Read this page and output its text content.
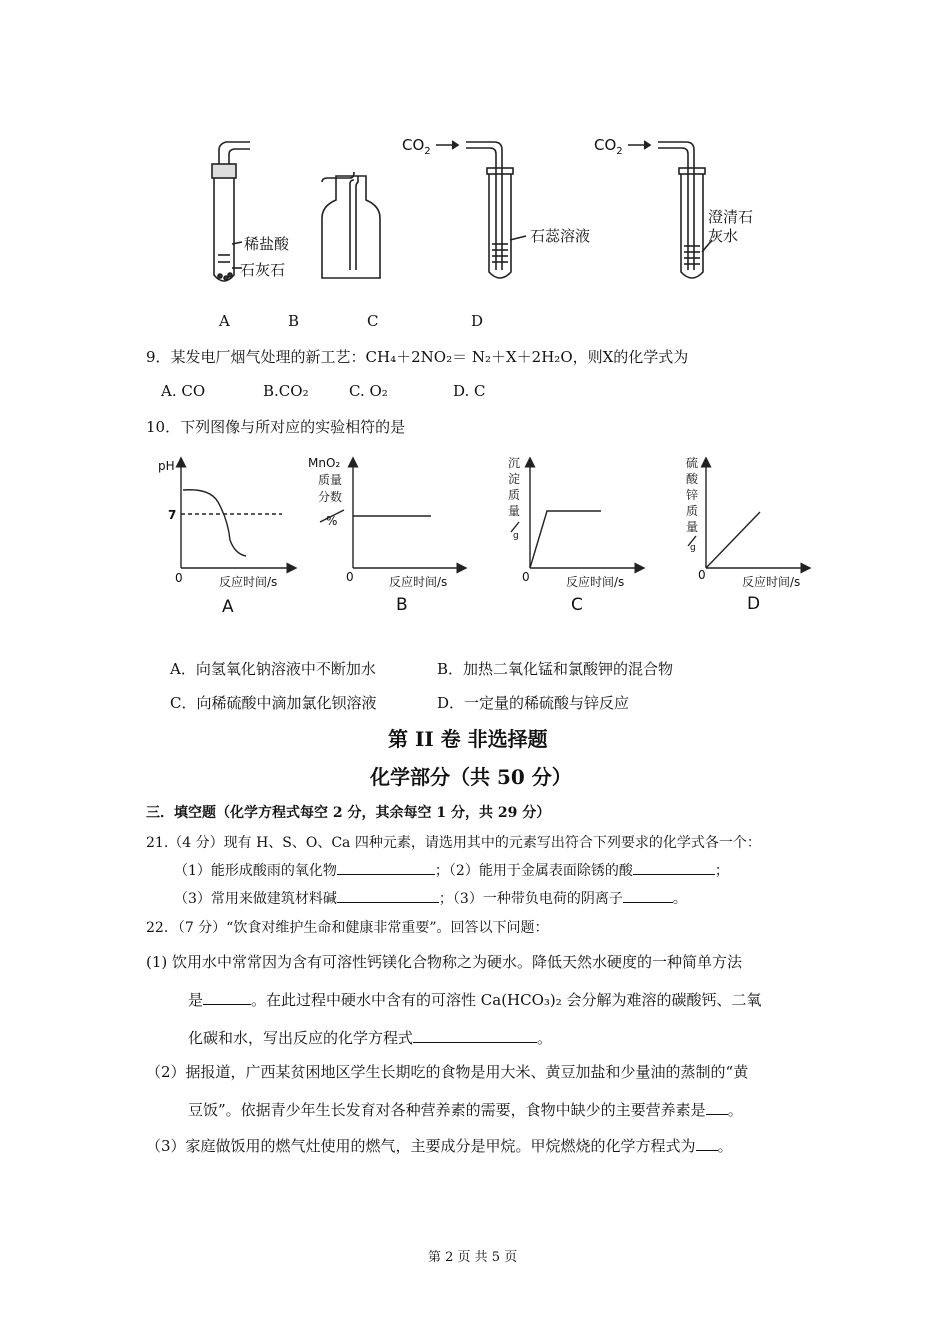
稀盐酸
石灰石
$CO_2$
石蕊溶液
$CO_2$
澄清石
灰水
A	B	C	D
9．某发电厂烟气处理的新工艺：CH₄＋2NO₂＝ N₂＋X＋2H₂O，则X的化学式为
A. CO	B.CO₂	C. O₂	D. C
10．下列图像与所对应的实验相符的是
pH
7
0	反应时间/s
MnO₂
质量
分数
%
0	反应时间/s
沉
淀
质
量
g
0	反应时间/s
硫
酸
锌
质
量
g
0	反应时间/s
A	B	C	D
A．向氢氧化钠溶液中不断加水	B．加热二氧化锰和氯酸钾的混合物
C．向稀硫酸中滴加氯化钡溶液	D．一定量的稀硫酸与锌反应
第 II 卷 非选择题
化学部分（共 50 分）
三．填空题（化学方程式每空 2 分，其余每空 1 分，共 29 分）
21.（4 分）现有 H、S、O、Ca 四种元素，请选用其中的元素写出符合下列要求的化学式各一个：
（1）能形成酸雨的氧化物	；（2）能用于金属表面除锈的酸	；
（3）常用来做建筑材料碱	；（3）一种带负电荷的阴离子	。
22．（7 分）“饮食对维护生命和健康非常重要”。回答以下问题：
(1) 饮用水中常常因为含有可溶性钙镁化合物称之为硬水。降低天然水硬度的一种简单方法
是	。在此过程中硬水中含有的可溶性 Ca(HCO₃)₂ 会分解为难溶的碳酸钙、二氧
化碳和水，写出反应的化学方程式	。
（2）据报道，广西某贫困地区学生长期吃的食物是用大米、黄豆加盐和少量油的蒸制的“黄
豆饭”。依据青少年生长发育对各种营养素的需要，食物中缺少的主要营养素是 。
（3）家庭做饭用的燃气灶使用的燃气，主要成分是甲烷。甲烷燃烧的化学方程式为 。
第 2 页 共 5 页
